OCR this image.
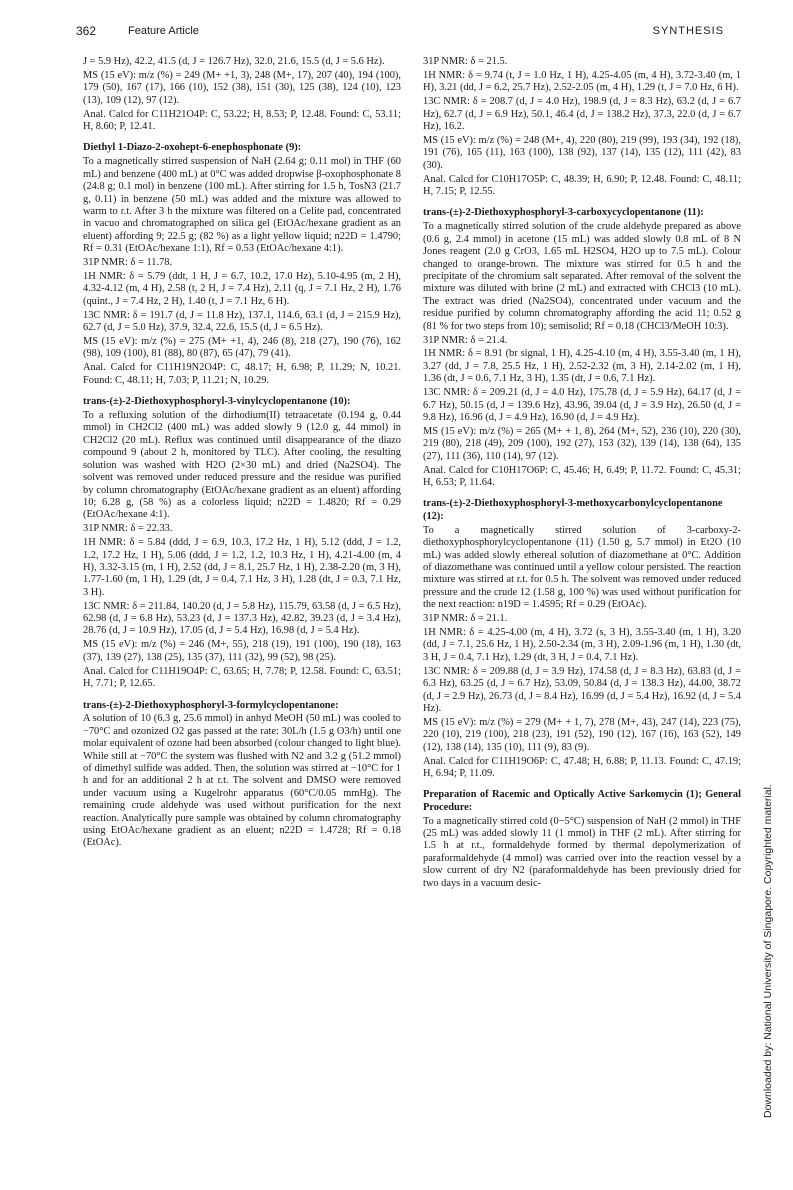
362	Feature Article	SYNTHESIS

J = 5.9 Hz), 42.2, 41.5 (d, J = 126.7 Hz), 32.0, 21.6, 15.5 (d, J = 5.6 Hz).

MS (15 eV): m/z (%) = 249 (M+ +1, 3), 248 (M+, 17), 207 (40), 194 (100), 179 (50), 167 (17), 166 (10), 152 (38), 151 (30), 125 (38), 124 (10), 123 (13), 109 (12), 97 (12).

Anal. Calcd for C11H21O4P: C, 53.22; H, 8.53; P, 12.48. Found: C, 53.11; H, 8.60; P, 12.41.

Diethyl 1-Diazo-2-oxohept-6-enephosphonate (9):

To a magnetically stirred suspension of NaH (2.64 g; 0.11 mol) in THF (60 mL) and benzene (400 mL) at 0°C was added dropwise β-oxophosphonate 8 (24.8 g; 0.1 mol) in benzene (100 mL). After stirring for 1.5 h, TosN3 (21.7 g, 0.11) in benzene (50 mL) was added and the mixture was allowed to warm to r.t. After 3 h the mixture was filtered on a Celite pad, concentrated in vacuo and chromatographed on silica gel (EtOAc/hexane gradient as an eluent) affording 9; 22.5 g; (82 %) as a light yellow liquid; n22D = 1.4790; Rf = 0.31 (EtOAc/hexane 1:1), Rf = 0.53 (EtOAc/hexane 4:1).

31P NMR: δ = 11.78.

1H NMR: δ = 5.79 (ddt, 1 H, J = 6.7, 10.2, 17.0 Hz), 5.10-4.95 (m, 2 H), 4.32-4.12 (m, 4 H), 2.58 (t, 2 H, J = 7.4 Hz), 2.11 (q, J = 7.1 Hz, 2 H), 1.76 (quint., J = 7.4 Hz, 2 H), 1.40 (t, J = 7.1 Hz, 6 H).

13C NMR: δ = 191.7 (d, J = 11.8 Hz), 137.1, 114.6, 63.1 (d, J = 215.9 Hz), 62.7 (d, J = 5.0 Hz), 37.9, 32.4, 22.6, 15.5 (d, J = 6.5 Hz).

MS (15 eV): m/z (%) = 275 (M+ +1, 4), 246 (8), 218 (27), 190 (76), 162 (98), 109 (100), 81 (88), 80 (87), 65 (47), 79 (41).

Anal. Calcd for C11H19N2O4P: C, 48.17; H, 6.98; P, 11.29; N, 10.21. Found: C, 48.11; H, 7.03; P, 11.21; N, 10.29.

trans-(±)-2-Diethoxyphosphoryl-3-vinylcyclopentanone (10):

To a refluxing solution of the dirhodium(II) tetraacetate (0.194 g, 0.44 mmol) in CH2Cl2 (400 mL) was added slowly 9 (12.0 g, 44 mmol) in CH2Cl2 (20 mL). Reflux was continued until disappearance of the diazo compound 9 (about 2 h, monitored by TLC). After cooling, the resulting solution was washed with H2O (2×30 mL) and dried (Na2SO4). The solvent was removed under reduced pressure and the residue was purified by column chromatography (EtOAc/hexane gradient as an eluent) affording 10; 6.28 g, (58 %) as a colorless liquid; n22D = 1.4820; Rf = 0.29 (EtOAc/hexane 4:1).

31P NMR: δ = 22.33.

1H NMR: δ = 5.84 (ddd, J = 6.9, 10.3, 17.2 Hz, 1 H), 5.12 (ddd, J = 1.2, 1.2, 17.2 Hz, 1 H), 5.06 (ddd, J = 1.2, 1.2, 10.3 Hz, 1 H), 4.21-4.00 (m, 4 H), 3.32-3.15 (m, 1 H), 2.52 (dd, J = 8.1, 25.7 Hz, 1 H), 2.38-2.20 (m, 3 H), 1.77-1.60 (m, 1 H), 1.29 (dt, J = 0.4, 7.1 Hz, 3 H), 1.28 (dt, J = 0.3, 7.1 Hz, 3 H).

13C NMR: δ = 211.84, 140.20 (d, J = 5.8 Hz), 115.79, 63.58 (d, J = 6.5 Hz), 62.98 (d, J = 6.8 Hz), 53.23 (d, J = 137.3 Hz), 42.82, 39.23 (d, J = 3.4 Hz), 28.76 (d, J = 10.9 Hz), 17.05 (d, J = 5.4 Hz), 16.98 (d, J = 5.4 Hz).

MS (15 eV): m/z (%) = 246 (M+, 55), 218 (19), 191 (100), 190 (18), 163 (37), 139 (27), 138 (25), 135 (37), 111 (32), 99 (52), 98 (25).

Anal. Calcd for C11H19O4P: C, 63.65; H, 7.78; P, 12.58. Found: C, 63.51; H, 7.71; P, 12.65.

trans-(±)-2-Diethoxyphosphoryl-3-formylcyclopentanone:

A solution of 10 (6.3 g, 25.6 mmol) in anhyd MeOH (50 mL) was cooled to −70°C and ozonized O2 gas passed at the rate: 30L/h (1.5 g O3/h) until one molar equivalent of ozone had been absorbed (colour changed to light blue). While still at −70°C the system was flushed with N2 and 3.2 g (51.2 mmol) of dimethyl sulfide was added. Then, the solution was stirred at −10°C for 1 h and for an additional 2 h at r.t. The solvent and DMSO were removed under vacuum using a Kugelrohr apparatus (60°C/0.05 mmHg). The remaining crude aldehyde was used without purification for the next reaction. Analytically pure sample was obtained by column chromatography using EtOAc/hexane gradient as an eluent; n22D = 1.4728; Rf = 0.18 (EtOAc).

31P NMR: δ = 21.5.

1H NMR: δ = 9.74 (t, J = 1.0 Hz, 1 H), 4.25-4.05 (m, 4 H), 3.72-3.40 (m, 1 H), 3.21 (dd, J = 6.2, 25.7 Hz), 2.52-2.05 (m, 4 H), 1.29 (t, J = 7.0 Hz, 6 H).

13C NMR: δ = 208.7 (d, J = 4.0 Hz), 198.9 (d, J = 8.3 Hz), 63.2 (d, J = 6.7 Hz), 62.7 (d, J = 6.9 Hz), 50.1, 46.4 (d, J = 138.2 Hz), 37.3, 22.0 (d, J = 6.7 Hz), 16.2.

MS (15 eV): m/z (%) = 248 (M+, 4), 220 (80), 219 (99), 193 (34), 192 (18), 191 (76), 165 (11), 163 (100), 138 (92), 137 (14), 135 (12), 111 (42), 83 (30).

Anal. Calcd for C10H17O5P: C, 48.39; H, 6.90; P, 12.48. Found: C, 48.11; H, 7.15; P, 12.55.

trans-(±)-2-Diethoxyphosphoryl-3-carboxycyclopentanone (11):

To a magnetically stirred solution of the crude aldehyde prepared as above (0.6 g, 2.4 mmol) in acetone (15 mL) was added slowly 0.8 mL of 8 N Jones reagent (2.0 g CrO3, 1.65 mL H2SO4, H2O up to 7.5 mL). Colour changed to orange-brown. The mixture was stirred for 0.5 h and the precipitate of the chromium salt separated. After removal of the solvent the mixture was diluted with brine (2 mL) and extracted with CHCl3 (10 mL). The extract was dried (Na2SO4), concentrated under vacuum and the residue purified by column chromatography affording the acid 11; 0.52 g (81 % for two steps from 10); semisolid; Rf = 0.18 (CHCl3/MeOH 10:3).

31P NMR: δ = 21.4.

1H NMR: δ = 8.91 (br signal, 1 H), 4.25-4.10 (m, 4 H), 3.55-3.40 (m, 1 H), 3.27 (dd, J = 7.8, 25.5 Hz, 1 H), 2.52-2.32 (m, 3 H), 2.14-2.02 (m, 1 H), 1.36 (dt, J = 0.6, 7.1 Hz, 3 H), 1.35 (dt, J = 0.6, 7.1 Hz).

13C NMR: δ = 209.21 (d, J = 4.0 Hz), 175.78 (d, J = 5.9 Hz), 64.17 (d, J = 6.7 Hz), 50.15 (d, J = 139.6 Hz), 43.96, 39.04 (d, J = 3.9 Hz), 26.50 (d, J = 9.8 Hz), 16.96 (d, J = 4.9 Hz), 16.90 (d, J = 4.9 Hz).

MS (15 eV): m/z (%) = 265 (M+ + 1, 8), 264 (M+, 52), 236 (10), 220 (30), 219 (80), 218 (49), 209 (100), 192 (27), 153 (32), 139 (14), 138 (64), 135 (27), 111 (36), 110 (14), 97 (12).

Anal. Calcd for C10H17O6P: C, 45.46; H, 6.49; P, 11.72. Found: C, 45.31; H, 6.53; P, 11.64.

trans-(±)-2-Diethoxyphosphoryl-3-methoxycarbonylcyclopentanone (12):

To a magnetically stirred solution of 3-carboxy-2-diethoxyphosphorylcyclopentanone (11) (1.50 g, 5.7 mmol) in Et2O (10 mL) was added slowly ethereal solution of diazomethane at 0°C. Addition of diazomethane was continued until a yellow colour persisted. The reaction mixture was stirred at r.t. for 0.5 h. The solvent was removed under reduced pressure and the crude 12 (1.58 g, 100 %) was used without purification for the next reaction: n19D = 1.4595; Rf = 0.29 (EtOAc).

31P NMR: δ = 21.1.

1H NMR: δ = 4.25-4.00 (m, 4 H), 3.72 (s, 3 H), 3.55-3.40 (m, 1 H), 3.20 (dd, J = 7.1, 25.6 Hz, 1 H), 2.50-2.34 (m, 3 H), 2.09-1.96 (m, 1 H), 1.30 (dt, 3 H, J = 0.4, 7.1 Hz), 1.29 (dt, 3 H, J = 0.4, 7.1 Hz).

13C NMR: δ = 209.88 (d, J = 3.9 Hz), 174.58 (d, J = 8.3 Hz), 63.83 (d, J = 6.3 Hz), 63.25 (d, J = 6.7 Hz), 53.09, 50.84 (d, J = 138.3 Hz), 44.00, 38.72 (d, J = 2.9 Hz), 26.73 (d, J = 8.4 Hz), 16.99 (d, J = 5.4 Hz), 16.92 (d, J = 5.4 Hz).

MS (15 eV): m/z (%) = 279 (M+ + 1, 7), 278 (M+, 43), 247 (14), 223 (75), 220 (10), 219 (100), 218 (23), 191 (52), 190 (12), 167 (16), 163 (52), 149 (12), 138 (14), 135 (10), 111 (9), 83 (9).

Anal. Calcd for C11H19O6P: C, 47.48; H, 6.88; P, 11.13. Found: C, 47.19; H, 6.94; P, 11.09.

Preparation of Racemic and Optically Active Sarkomycin (1); General Procedure:

To a magnetically stirred cold (0−5°C) suspension of NaH (2 mmol) in THF (25 mL) was added slowly 11 (1 mmol) in THF (2 mL). After stirring for 1.5 h at r.t., formaldehyde formed by thermal depolymerization of paraformaldehyde (4 mmol) was carried over into the reaction vessel by a slow current of dry N2 (paraformaldehyde has been previously dried for two days in a vacuum desic-	Downloaded by: National University of Singapore. Copyrighted material.
